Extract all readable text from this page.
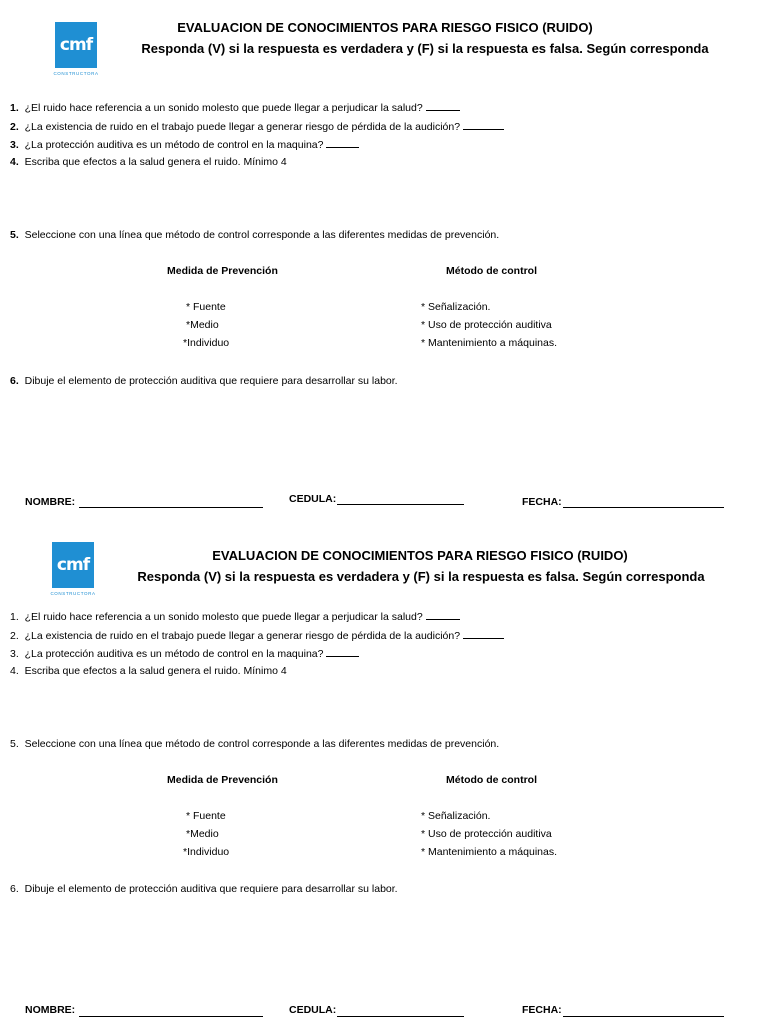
cmf
CONSTRUCTORA
EVALUACION DE CONOCIMIENTOS PARA RIESGO FISICO (RUIDO)
Responda (V) si la respuesta es verdadera y (F) si la respuesta es falsa. Según corresponda
1. ¿El ruido hace referencia a un sonido molesto que puede llegar a perjudicar la salud?
2. ¿La existencia de ruido en el trabajo puede llegar a generar riesgo de pérdida de la audición?
3. ¿La protección auditiva es un método de control en la maquina?
4. Escriba que efectos a la salud genera el ruido. Mínimo 4
5. Seleccione con una línea que método de control corresponde a las diferentes medidas de prevención.
Medida de Prevención	Método de control
* Fuente
*Medio
*Individuo
* Señalización.
* Uso de protección auditiva
* Mantenimiento a máquinas.
6. Dibuje el elemento de protección auditiva que requiere para desarrollar su labor.
NOMBRE:	CEDULA:	FECHA:
cmf
CONSTRUCTORA
EVALUACION DE CONOCIMIENTOS PARA RIESGO FISICO (RUIDO)
Responda (V) si la respuesta es verdadera y (F) si la respuesta es falsa. Según corresponda
1. ¿El ruido hace referencia a un sonido molesto que puede llegar a perjudicar la salud?
2. ¿La existencia de ruido en el trabajo puede llegar a generar riesgo de pérdida de la audición?
3. ¿La protección auditiva es un método de control en la maquina?
4. Escriba que efectos a la salud genera el ruido. Mínimo 4
5. Seleccione con una línea que método de control corresponde a las diferentes medidas de prevención.
Medida de Prevención	Método de control
* Fuente
*Medio
*Individuo
* Señalización.
* Uso de protección auditiva
* Mantenimiento a máquinas.
6. Dibuje el elemento de protección auditiva que requiere para desarrollar su labor.
NOMBRE:	CEDULA:	FECHA:
